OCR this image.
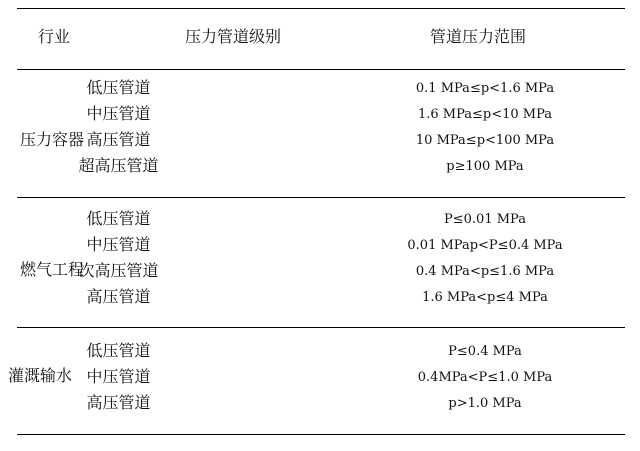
行业	压力管道级别	管道压力范围
压力容器
低压管道	0.1 MPa≤p<1.6 MPa
中压管道	1.6 MPa≤p<10 MPa
高压管道	10 MPa≤p<100 MPa
超高压管道	p≥100 MPa
燃气工程
低压管道	P≤0.01 MPa
中压管道	0.01 MPap<P≤0.4 MPa
次高压管道	0.4 MPa<p≤1.6 MPa
高压管道	1.6 MPa<p≤4 MPa
灌溉输水
低压管道	P≤0.4 MPa
中压管道	0.4MPa<P≤1.0 MPa
高压管道	p>1.0 MPa
